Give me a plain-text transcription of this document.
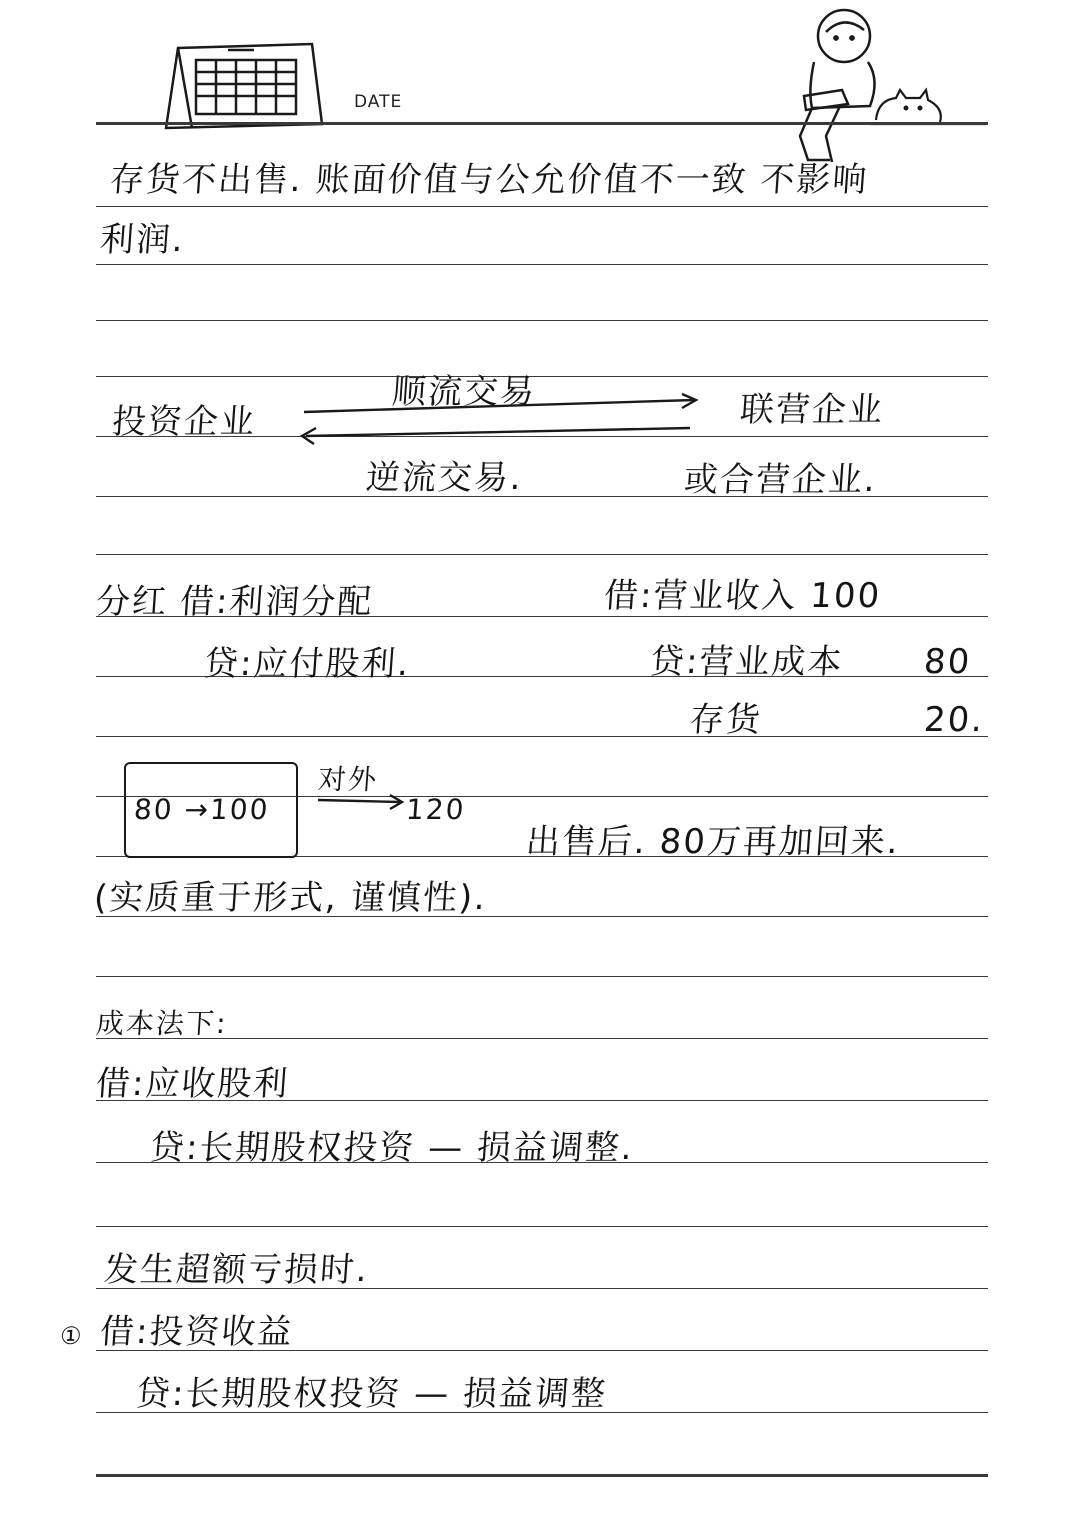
DATE
存货不出售. 账面价值与公允价值不一致 不影响
利润.
投资企业
顺流交易
逆流交易.
联营企业
或合营企业.
分红 借:利润分配
贷:应付股利.
借:营业收入 100
贷:营业成本 80
存货	20.
80 →100
对外
120
出售后. 80万再加回来.
(实质重于形式, 谨慎性).
成本法下:
借:应收股利
贷:长期股权投资 — 损益调整.
发生超额亏损时.
① 借:投资收益
贷:长期股权投资 — 损益调整
